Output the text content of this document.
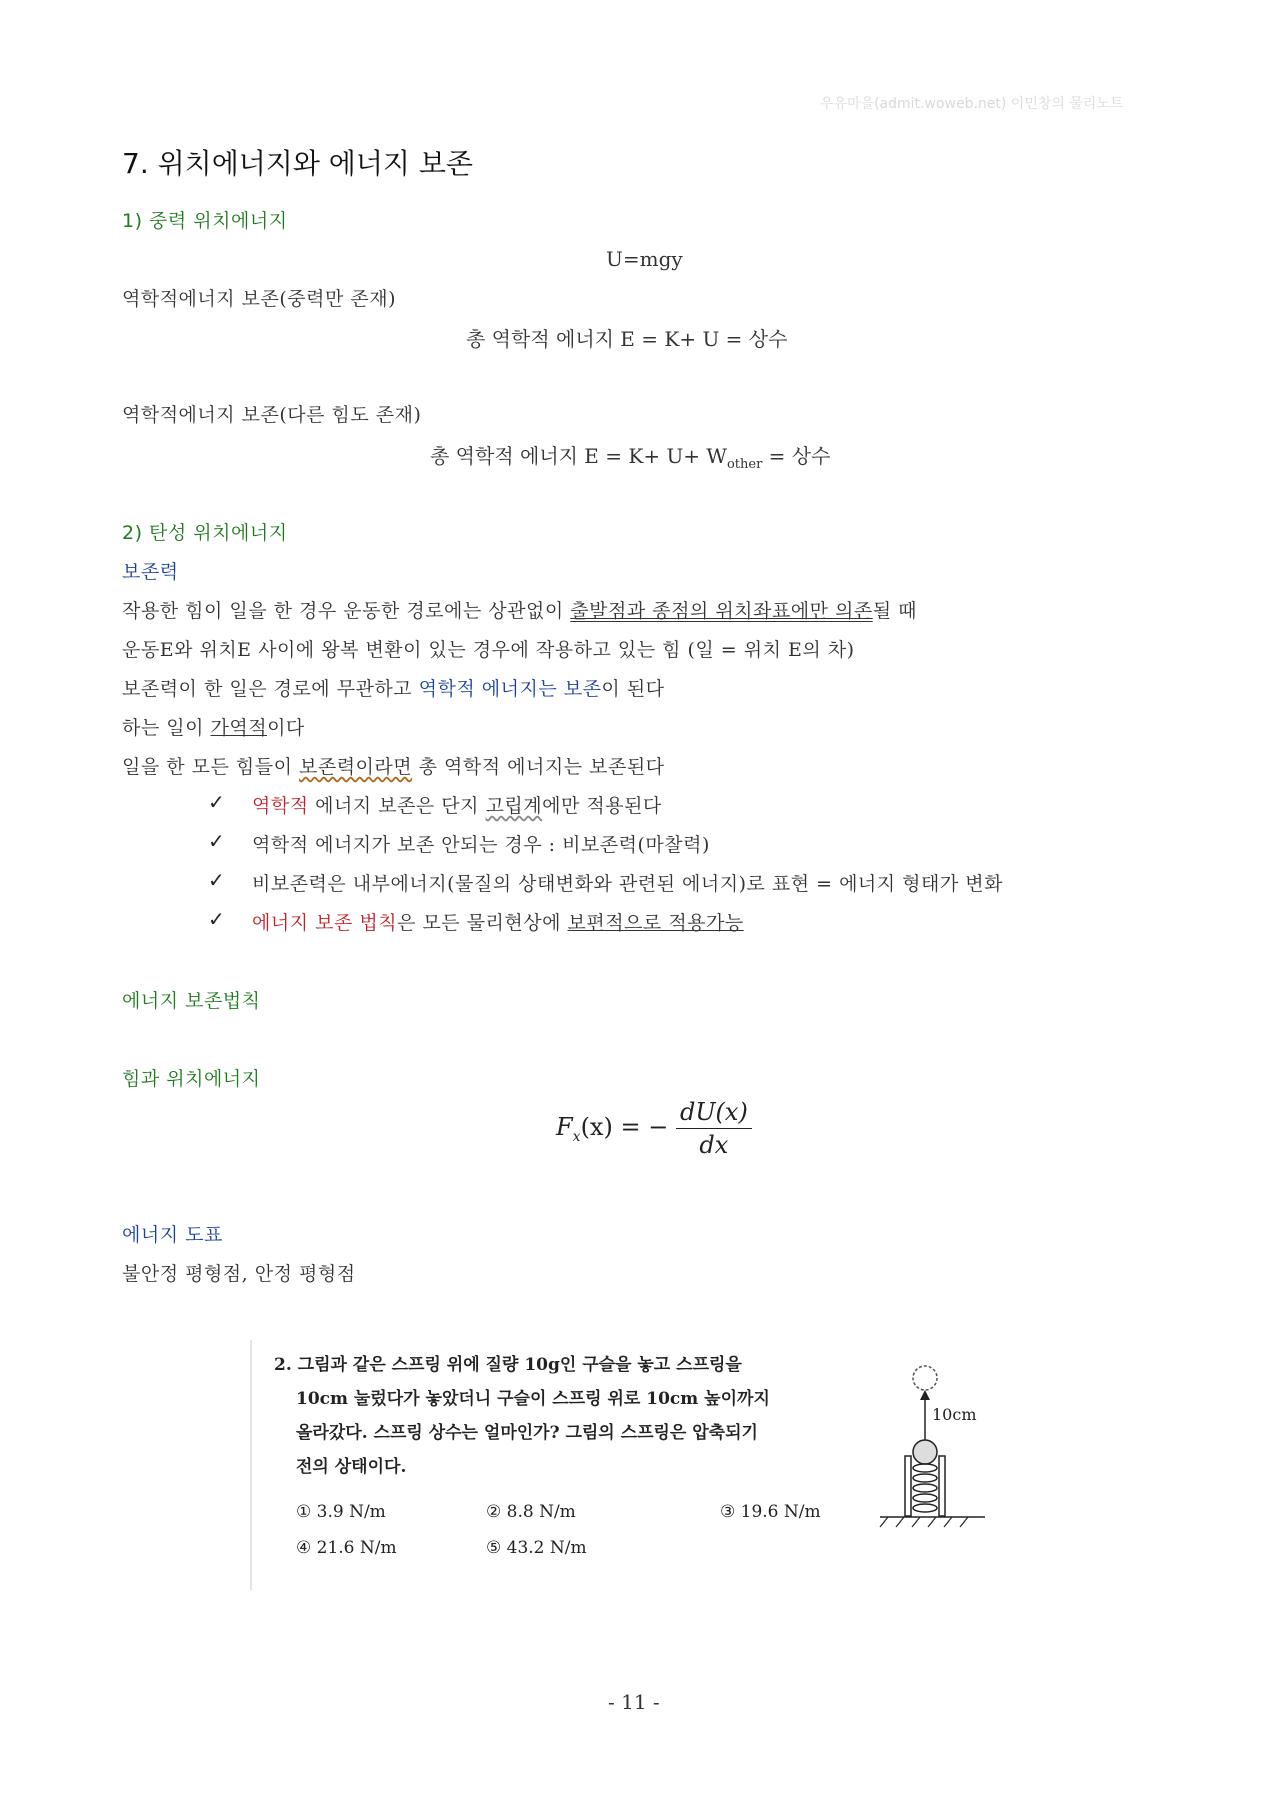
우유마을(admit.woweb.net) 이민창의 물리노트
7. 위치에너지와 에너지 보존
1) 중력 위치에너지
U=mgy
역학적에너지 보존(중력만 존재)
총 역학적 에너지 E = K+ U = 상수
역학적에너지 보존(다른 힘도 존재)
총 역학적 에너지 $E = K+ U+ W_{other}$ = 상수
2) 탄성 위치에너지
보존력
작용한 힘이 일을 한 경우 운동한 경로에는 상관없이 출발점과 종점의 위치좌표에만 의존될 때
운동E와 위치E 사이에 왕복 변환이 있는 경우에 작용하고 있는 힘 (일 = 위치 E의 차)
보존력이 한 일은 경로에 무관하고 역학적 에너지는 보존이 된다
하는 일이 가역적이다
일을 한 모든 힘들이 보존력이라면 총 역학적 에너지는 보존된다
✓ 역학적 에너지 보존은 단지 고립계에만 적용된다
✓ 역학적 에너지가 보존 안되는 경우 : 비보존력(마찰력)
✓ 비보존력은 내부에너지(물질의 상태변화와 관련된 에너지)로 표현 = 에너지 형태가 변화
✓ 에너지 보존 법칙은 모든 물리현상에 보편적으로 적용가능
에너지 보존법칙
힘과 위치에너지
$F_x(x)$ = − $\frac{dU(x)}{dx}$
에너지 도표
불안정 평형점, 안정 평형점
2. 그림과 같은 스프링 위에 질량 10g인 구슬을 놓고 스프링을
10cm 눌렀다가 놓았더니 구슬이 스프링 위로 10cm 높이까지
올라갔다. 스프링 상수는 얼마인가? 그림의 스프링은 압축되기
전의 상태이다.
① 3.9 N/m	② 8.8 N/m	③ 19.6 N/m
④ 21.6 N/m	⑤ 43.2 N/m
10cm
- 11 -
